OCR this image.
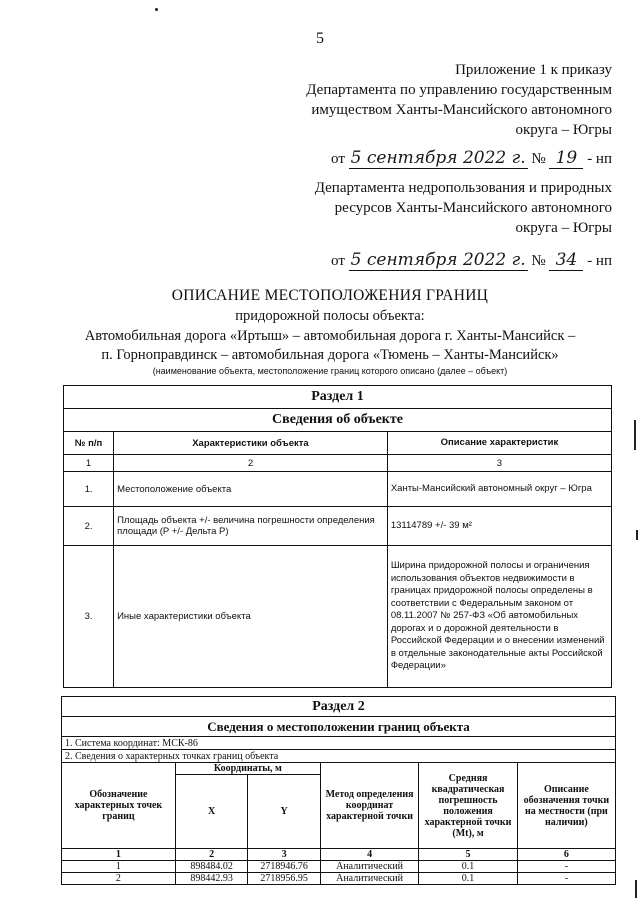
5
Приложение 1 к приказу
Департамента по управлению государственным
имуществом Ханты-Мансийского автономного
округа – Югры
от 5 сентября 2022 г. № 19 - нп
Департамента недропользования и природных
ресурсов Ханты-Мансийского автономного
округа – Югры
от 5 сентября 2022 г. № 34 - нп
ОПИСАНИЕ МЕСТОПОЛОЖЕНИЯ ГРАНИЦ
придорожной полосы объекта:
Автомобильная дорога «Иртыш» – автомобильная дорога г. Ханты-Мансийск –
п. Горноправдинск – автомобильная дорога «Тюмень – Ханты-Мансийск»
(наименование объекта, местоположение границ которого описано (далее – объект)
Раздел 1		
Сведения об объекте		
№ п/п	Характеристики объекта	Описание характеристик
1	2	3
1.	Местоположение объекта	Ханты-Мансийский автономный округ – Югра
2.	Площадь объекта +/- величина погрешности определения площади (P +/- Дельта P)	13114789 +/- 39 м²
3.	Иные характеристики объекта	Ширина придорожной полосы и ограничения использования объектов недвижимости в границах придорожной полосы определены в соответствии с Федеральным законом от 08.11.2007 № 257-ФЗ «Об автомобильных дорогах и о дорожной деятельности в Российской Федерации и о внесении изменений в отдельные законодательные акты Российской Федерации»
Раздел 2					
Сведения о местоположении границ объекта					
1. Система координат: МСК-86					
2. Сведения о характерных точках границ объекта					
Обозначение характерных точек границ	Координаты, м		Метод определения координат характерной точки	Средняя квадратическая погрешность положения характерной точки (Mt), м	Описание обозначения точки на местности (при наличии)
	X	Y			
1	2	3	4	5	6
1	898484.02	2718946.76	Аналитический	0.1	-
2	898442.93	2718956.95	Аналитический	0.1	-
